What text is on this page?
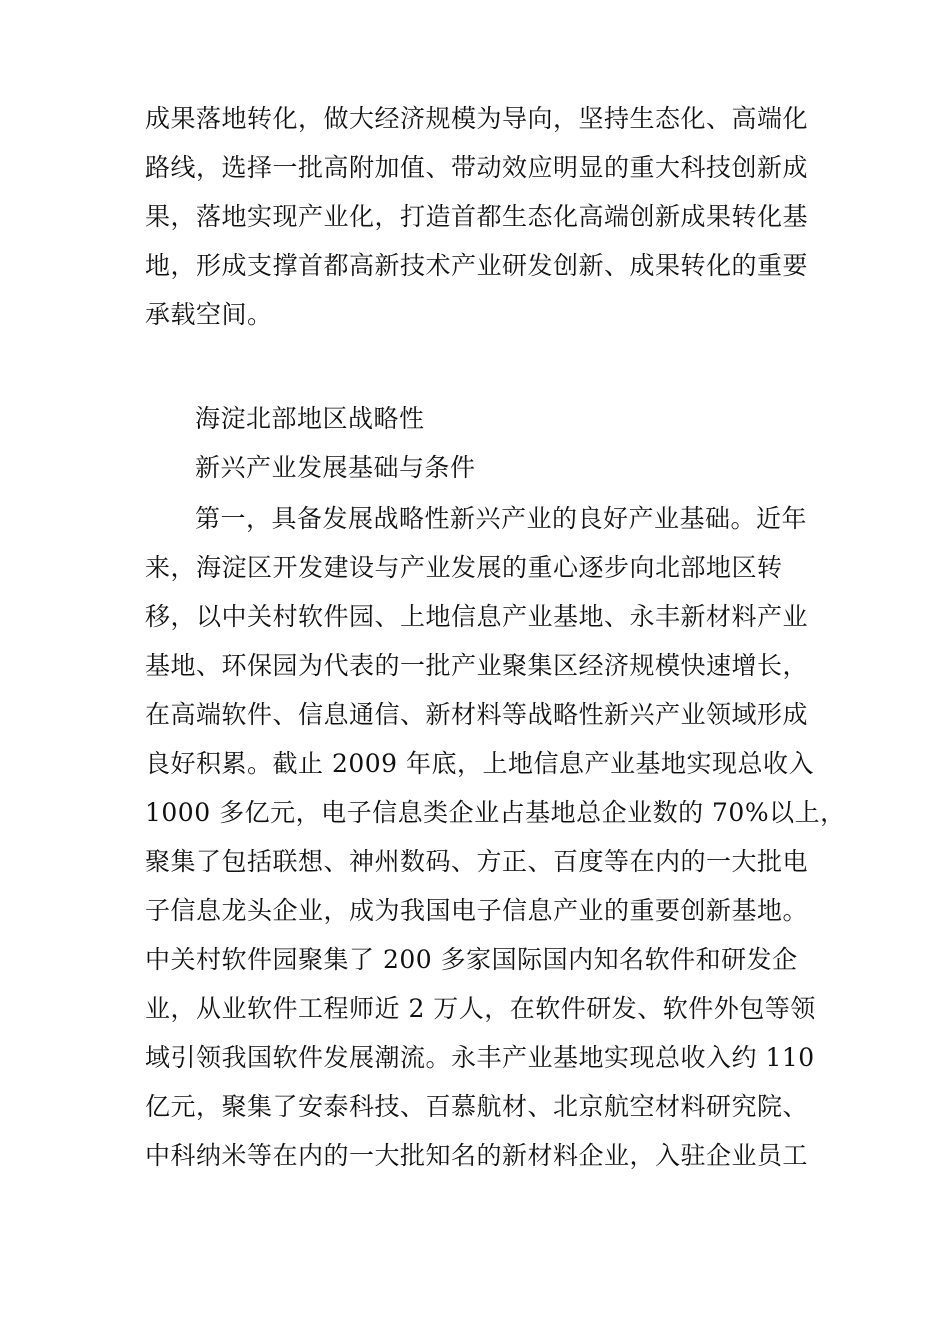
成果落地转化，做大经济规模为导向，坚持生态化、高端化
路线，选择一批高附加值、带动效应明显的重大科技创新成
果，落地实现产业化，打造首都生态化高端创新成果转化基
地，形成支撑首都高新技术产业研发创新、成果转化的重要
承载空间。
海淀北部地区战略性
新兴产业发展基础与条件
第一，具备发展战略性新兴产业的良好产业基础。近年
来，海淀区开发建设与产业发展的重心逐步向北部地区转
移，以中关村软件园、上地信息产业基地、永丰新材料产业
基地、环保园为代表的一批产业聚集区经济规模快速增长，
在高端软件、信息通信、新材料等战略性新兴产业领域形成
良好积累。截止 2009 年底，上地信息产业基地实现总收入
1000 多亿元，电子信息类企业占基地总企业数的 70%以上，
聚集了包括联想、神州数码、方正、百度等在内的一大批电
子信息龙头企业，成为我国电子信息产业的重要创新基地。
中关村软件园聚集了 200 多家国际国内知名软件和研发企
业，从业软件工程师近 2 万人，在软件研发、软件外包等领
域引领我国软件发展潮流。永丰产业基地实现总收入约 110
亿元，聚集了安泰科技、百慕航材、北京航空材料研究院、
中科纳米等在内的一大批知名的新材料企业，入驻企业员工
